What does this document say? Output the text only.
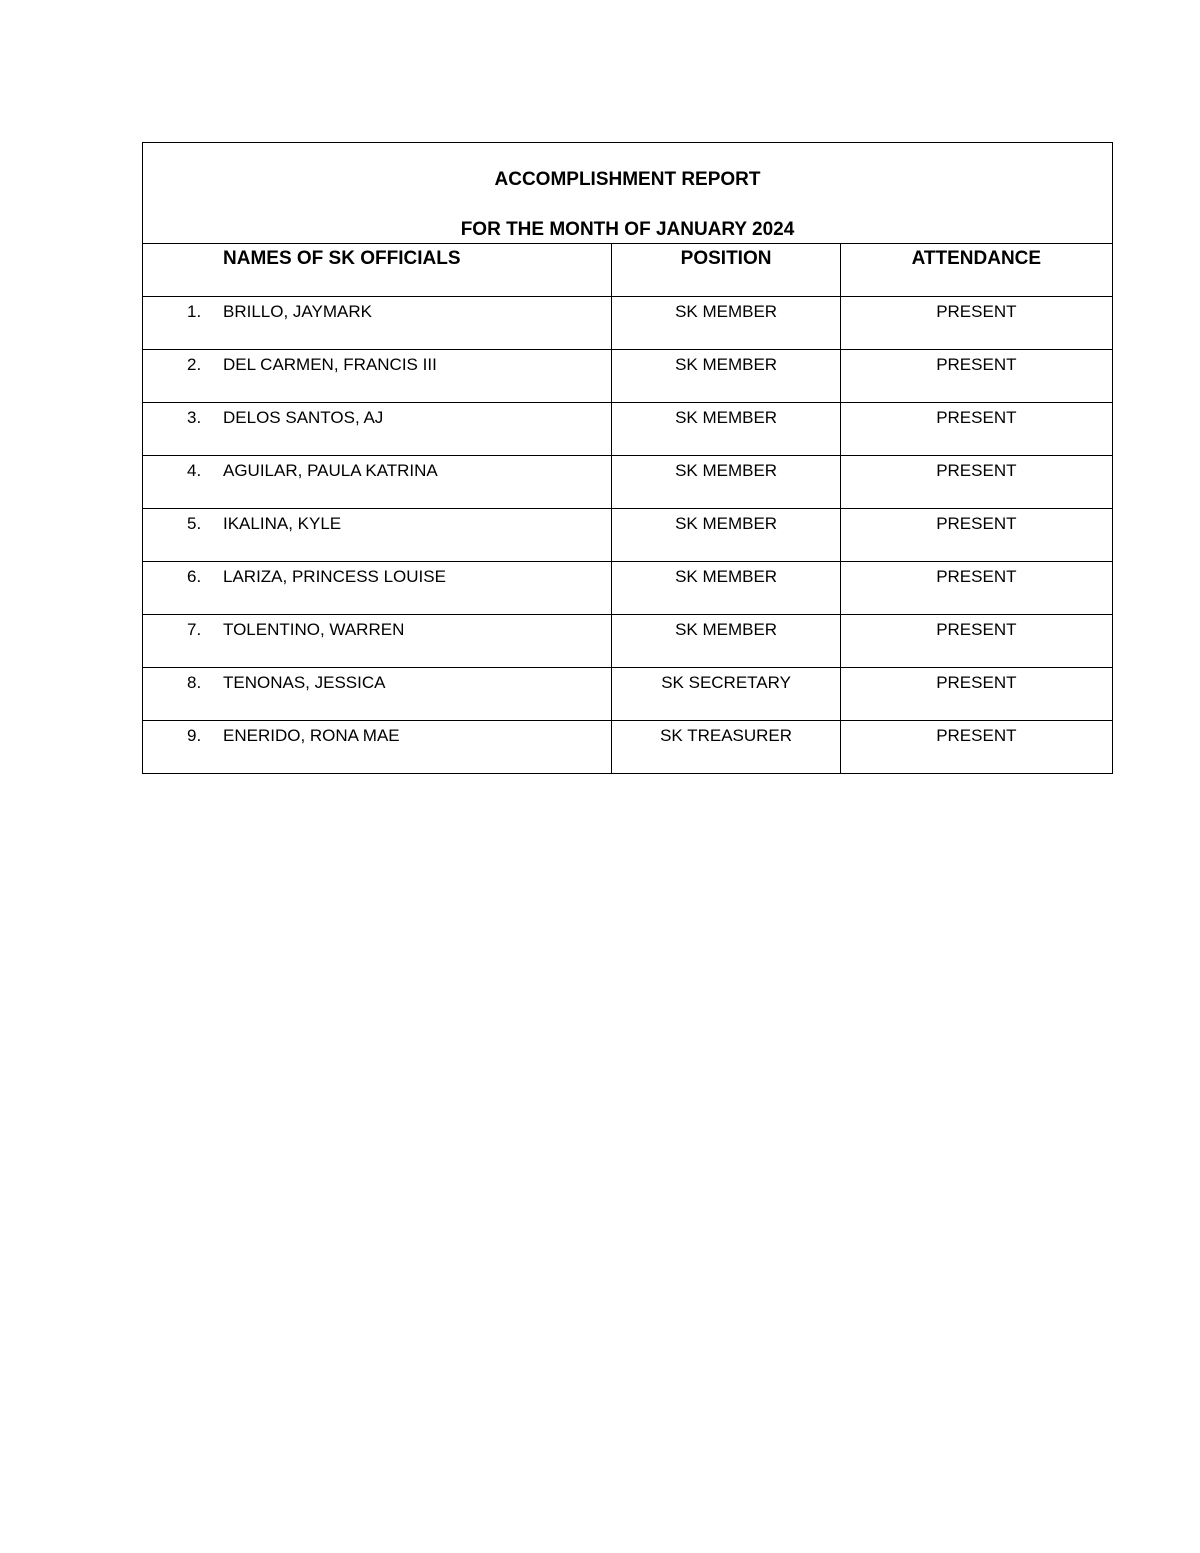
ACCOMPLISHMENT REPORT
FOR THE MONTH OF JANUARY 2024		

NAMES OF SK OFFICIALS	POSITION	ATTENDANCE

1. BRILLO, JAYMARK	SK MEMBER	PRESENT

2. DEL CARMEN, FRANCIS III	SK MEMBER	PRESENT

3. DELOS SANTOS, AJ	SK MEMBER	PRESENT

4. AGUILAR, PAULA KATRINA	SK MEMBER	PRESENT

5. IKALINA, KYLE	SK MEMBER	PRESENT

6. LARIZA, PRINCESS LOUISE	SK MEMBER	PRESENT

7. TOLENTINO, WARREN	SK MEMBER	PRESENT

8. TENONAS, JESSICA	SK SECRETARY	PRESENT

9. ENERIDO, RONA MAE	SK TREASURER	PRESENT
